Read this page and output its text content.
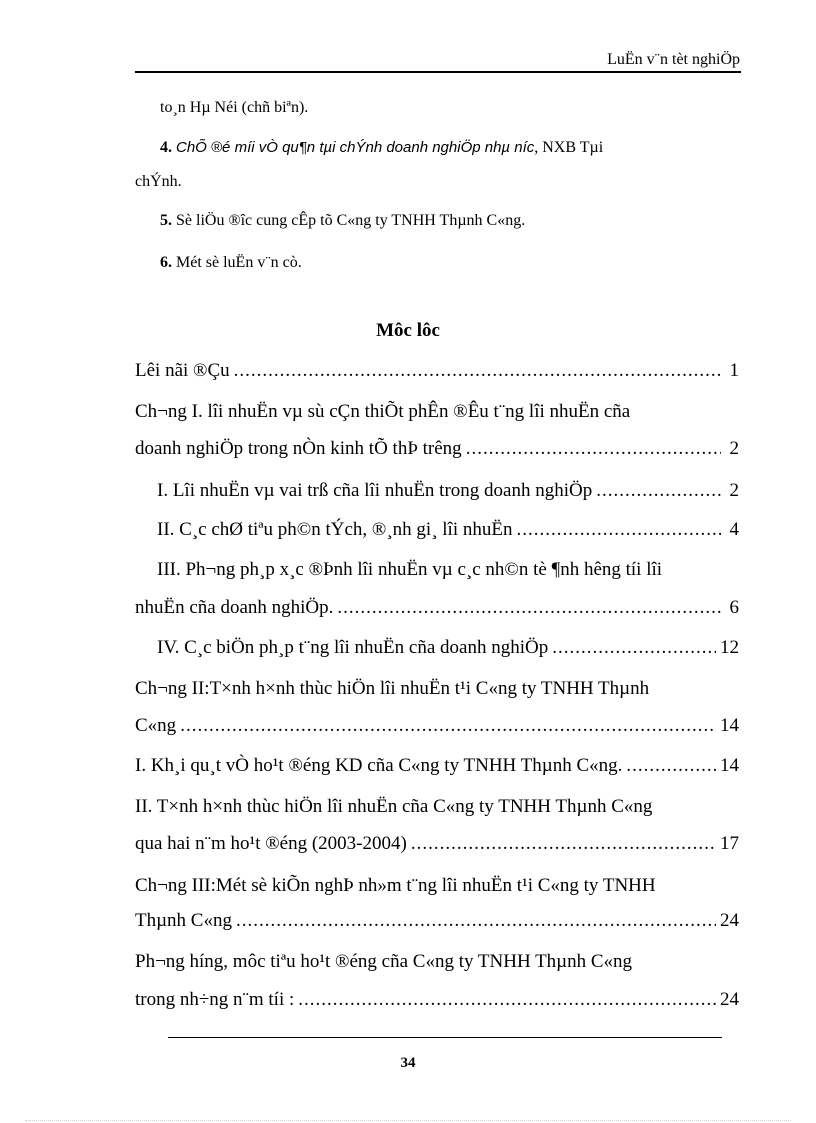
LuËn v¨n tèt nghiÖp
to¸n Hµ Néi (chñ biªn).
4. ChÕ ®é míi vÒ qu¶n tµi chÝnh doanh nghiÖp nhµ níc, NXB Tµi
chÝnh.
5. Sè liÖu ®îc cung cÊp tõ C«ng ty TNHH Thµnh C«ng.
6. Mét sè luËn v¨n cò.
Môc lôc
Lêi nãi ®Çu .....	1
Ch¬ng I. lîi nhuËn vµ sù cÇn thiÕt phÊn ®Êu t¨ng lîi nhuËn cña
doanh nghiÖp trong nÒn kinh tÕ thÞ trêng .....	2
I. Lîi nhuËn vµ vai trß cña lîi nhuËn trong doanh nghiÖp .....	2
II. C¸c chØ tiªu ph©n tÝch, ®¸nh gi¸ lîi nhuËn .....	4
III. Ph¬ng ph¸p x¸c ®Þnh lîi nhuËn vµ c¸c nh©n tè ¶nh hêng tíi lîi
nhuËn cña doanh nghiÖp. .....	6
IV. C¸c biÖn ph¸p t¨ng lîi nhuËn cña doanh nghiÖp .....	12
Ch¬ng II:T×nh h×nh thùc hiÖn lîi nhuËn t¹i C«ng ty TNHH Thµnh
C«ng .....	14
I. Kh¸i qu¸t vÒ ho¹t ®éng KD cña C«ng ty TNHH Thµnh C«ng. .....	14
II. T×nh h×nh thùc hiÖn lîi nhuËn cña C«ng ty TNHH Thµnh C«ng
qua hai n¨m ho¹t ®éng (2003-2004) .....	17
Ch¬ng III:Mét sè kiÕn nghÞ nh»m t¨ng lîi nhuËn t¹i C«ng ty TNHH
Thµnh C«ng .....	24
Ph¬ng híng, môc tiªu ho¹t ®éng cña C«ng ty TNHH Thµnh C«ng
trong nh÷ng n¨m tíi : .....	24
34
